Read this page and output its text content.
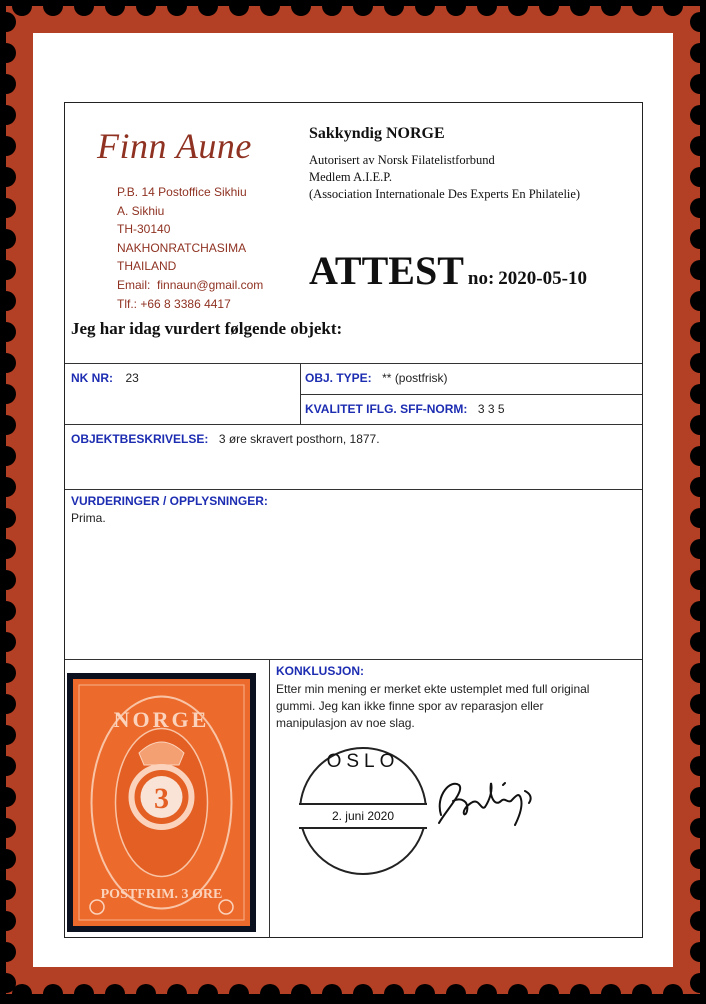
Finn Aune
P.B. 14 Postoffice Sikhiu
A. Sikhiu
TH-30140
NAKHONRATCHASIMA
THAILAND
Email: finnaun@gmail.com
Tlf.: +66 8 3386 4417
Sakkyndig NORGE
Autorisert av Norsk Filatelistforbund
Medlem A.I.E.P.
(Association Internationale Des Experts En Philatelie)
ATTEST no: 2020-05-10
Jeg har idag vurdert følgende objekt:
NK NR: 23	OBJ. TYPE: ** (postfrisk)
KVALITET IFLG. SFF-NORM: 3 3 5
OBJEKTBESKRIVELSE: 3 øre skravert posthorn, 1877.
VURDERINGER / OPPLYSNINGER:
Prima.
3
NORGE
POSTFRIM. 3 ØRE
KONKLUSJON:
Etter min mening er merket ekte ustemplet med full original
gummi. Jeg kan ikke finne spor av reparasjon eller
manipulasjon av noe slag.
OSLO
2. juni 2020
